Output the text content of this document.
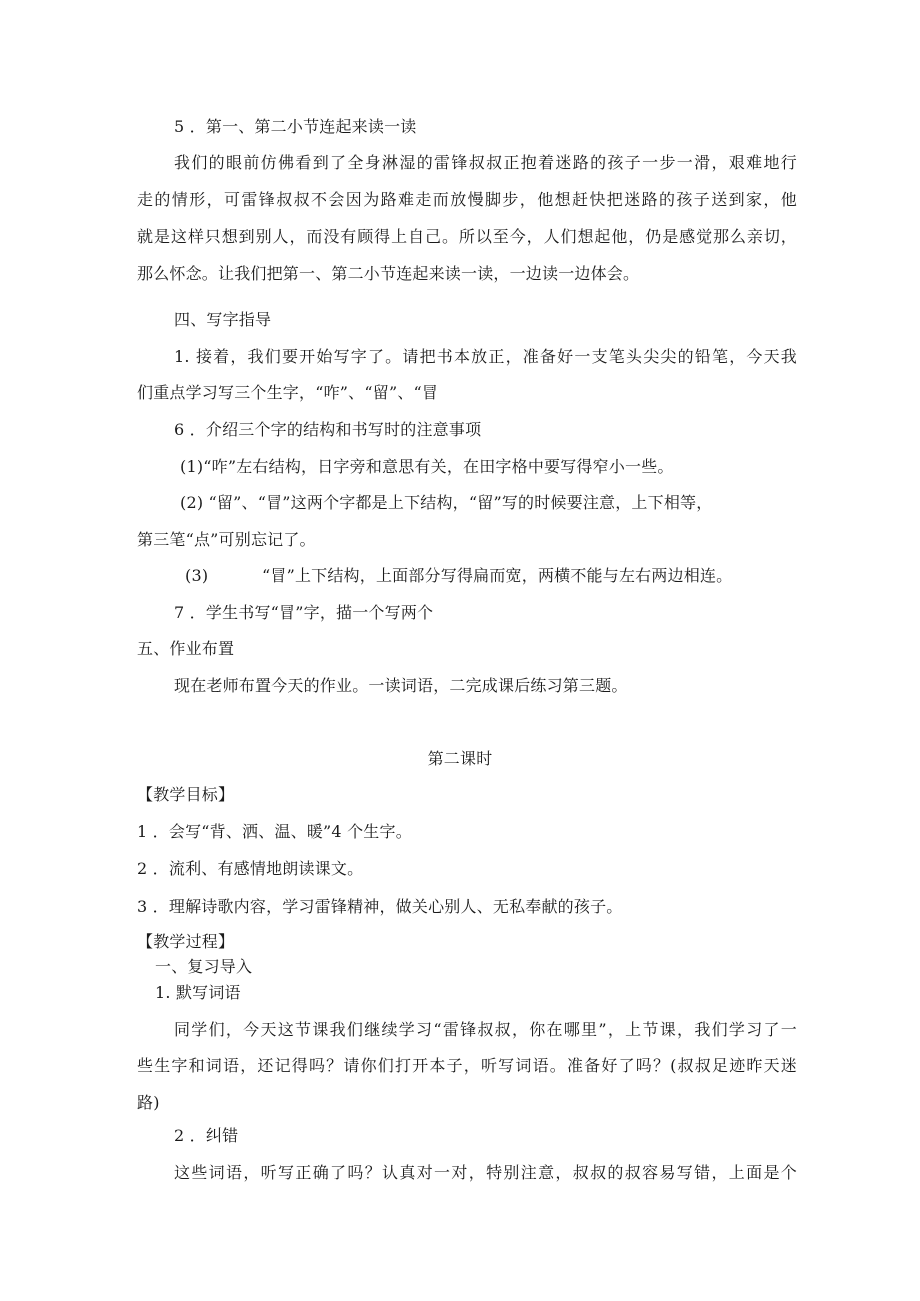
5 ．第一、第二小节连起来读一读

我们的眼前仿佛看到了全身淋湿的雷锋叔叔正抱着迷路的孩子一步一滑，艰难地行

走的情形，可雷锋叔叔不会因为路难走而放慢脚步，他想赶快把迷路的孩子送到家，他

就是这样只想到别人，而没有顾得上自己。所以至今，人们想起他，仍是感觉那么亲切，

那么怀念。让我们把第一、第二小节连起来读一读，一边读一边体会。

四、写字指导

1. 接着，我们要开始写字了。请把书本放正，准备好一支笔头尖尖的铅笔，今天我

们重点学习写三个生字，“咋”、“留”、“冒

6 ．介绍三个字的结构和书写时的注意事项

(1)“咋”左右结构，日字旁和意思有关，在田字格中要写得窄小一些。

(2) “留”、“冒”这两个字都是上下结构，“留”写的时候要注意，上下相等，

第三笔“点”可别忘记了。

(3)	“冒”上下结构，上面部分写得扁而宽，两横不能与左右两边相连。

7 ．学生书写“冒”字，描一个写两个

五、作业布置

现在老师布置今天的作业。一读词语，二完成课后练习第三题。

第二课时

【教学目标】

1 ．会写“背、洒、温、暖”4 个生字。

2 ．流利、有感情地朗读课文。

3 ．理解诗歌内容，学习雷锋精神，做关心别人、无私奉献的孩子。

【教学过程】

一、复习导入

1. 默写词语

同学们，今天这节课我们继续学习“雷锋叔叔，你在哪里”，上节课，我们学习了一

些生字和词语，还记得吗？请你们打开本子，听写词语。准备好了吗？(叔叔足迹昨天迷

路)

2 ．纠错

这些词语，听写正确了吗？认真对一对，特别注意，叔叔的叔容易写错，上面是个
